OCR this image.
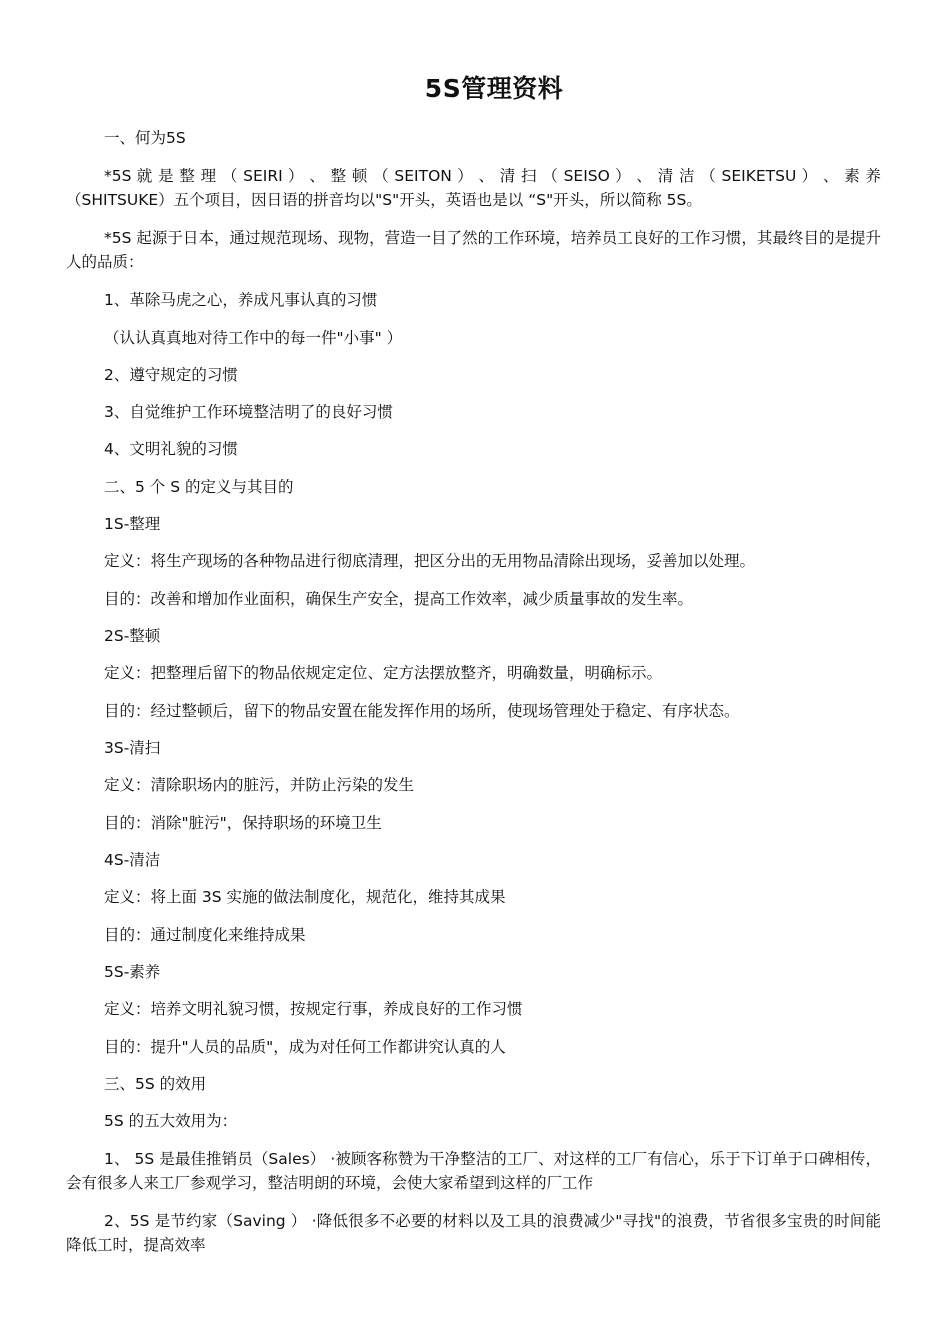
5S管理资料

一、何为5S

*5S 就 是 整 理 （ SEIRI ） 、 整 顿 （ SEITON ） 、 清 扫 （ SEISO ） 、 清 洁 （ SEIKETSU ） 、 素 养（SHITSUKE）五个项目，因日语的拼音均以"S"开头，英语也是以 “S"开头，所以简称 5S。

*5S 起源于日本，通过规范现场、现物，营造一目了然的工作环境，培养员工良好的工作习惯，其最终目的是提升人的品质：

1、革除马虎之心，养成凡事认真的习惯

（认认真真地对待工作中的每一件"小事" ）

2、遵守规定的习惯

3、自觉维护工作环境整洁明了的良好习惯

4、文明礼貌的习惯

二、5 个 S 的定义与其目的

1S-整理

定义：将生产现场的各种物品进行彻底清理，把区分出的无用物品清除出现场，妥善加以处理。

目的：改善和增加作业面积，确保生产安全，提高工作效率，减少质量事故的发生率。

2S-整顿

定义：把整理后留下的物品依规定定位、定方法摆放整齐，明确数量，明确标示。

目的：经过整顿后，留下的物品安置在能发挥作用的场所，使现场管理处于稳定、有序状态。

3S-清扫

定义：清除职场内的脏污，并防止污染的发生

目的：消除"脏污"，保持职场的环境卫生

4S-清洁

定义：将上面 3S 实施的做法制度化，规范化，维持其成果

目的：通过制度化来维持成果

5S-素养

定义：培养文明礼貌习惯，按规定行事，养成良好的工作习惯

目的：提升"人员的品质"，成为对任何工作都讲究认真的人

三、5S 的效用

5S 的五大效用为：

1、 5S 是最佳推销员（Sales） ·被顾客称赞为干净整洁的工厂、对这样的工厂有信心，乐于下订单于口碑相传，会有很多人来工厂参观学习，整洁明朗的环境，会使大家希望到这样的厂工作

2、5S 是节约家（Saving ） ·降低很多不必要的材料以及工具的浪费减少"寻找"的浪费，节省很多宝贵的时间能降低工时，提高效率
